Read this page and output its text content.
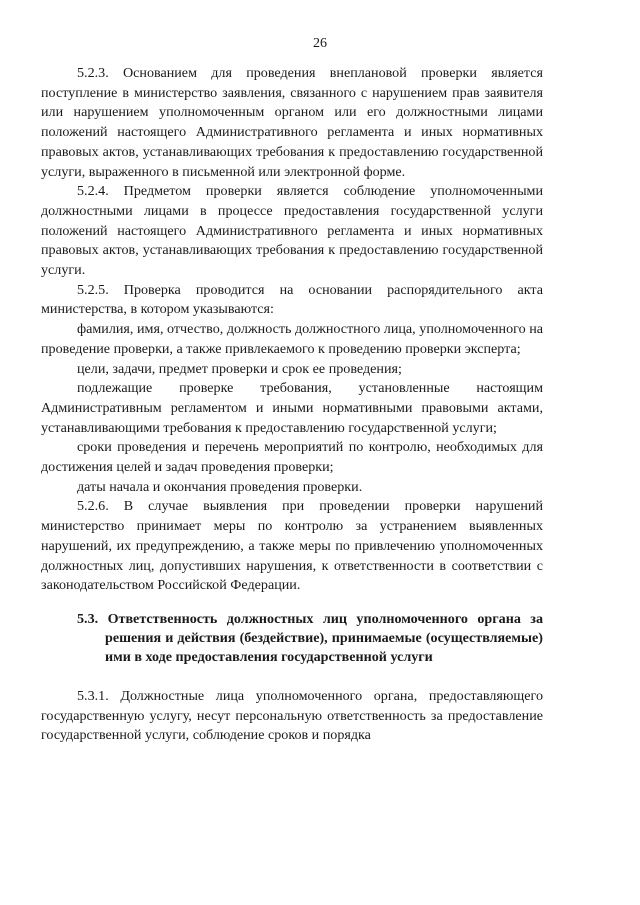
26

5.2.3. Основанием для проведения внеплановой проверки является поступление в министерство заявления, связанного с нарушением прав заявителя или нарушением уполномоченным органом или его должностными лицами положений настоящего Административного регламента и иных нормативных правовых актов, устанавливающих требования к предоставлению государственной услуги, выраженного в письменной или электронной форме.

5.2.4. Предметом проверки является соблюдение уполномоченными должностными лицами в процессе предоставления государственной услуги положений настоящего Административного регламента и иных нормативных правовых актов, устанавливающих требования к предоставлению государственной услуги.

5.2.5. Проверка проводится на основании распорядительного акта министерства, в котором указываются:

фамилия, имя, отчество, должность должностного лица, уполномоченного на проведение проверки, а также привлекаемого к проведению проверки эксперта;

цели, задачи, предмет проверки и срок ее проведения;

подлежащие проверке требования, установленные настоящим Административным регламентом и иными нормативными правовыми актами, устанавливающими требования к предоставлению государственной услуги;

сроки проведения и перечень мероприятий по контролю, необходимых для достижения целей и задач проведения проверки;

даты начала и окончания проведения проверки.

5.2.6. В случае выявления при проведении проверки нарушений министерство принимает меры по контролю за устранением выявленных нарушений, их предупреждению, а также меры по привлечению уполномоченных должностных лиц, допустивших нарушения, к ответственности в соответствии с законодательством Российской Федерации.

5.3. Ответственность должностных лиц уполномоченного органа за решения и действия (бездействие), принимаемые (осуществляемые) ими в ходе предоставления государственной услуги

5.3.1. Должностные лица уполномоченного органа, предоставляющего государственную услугу, несут персональную ответственность за предоставление государственной услуги, соблюдение сроков и порядка
